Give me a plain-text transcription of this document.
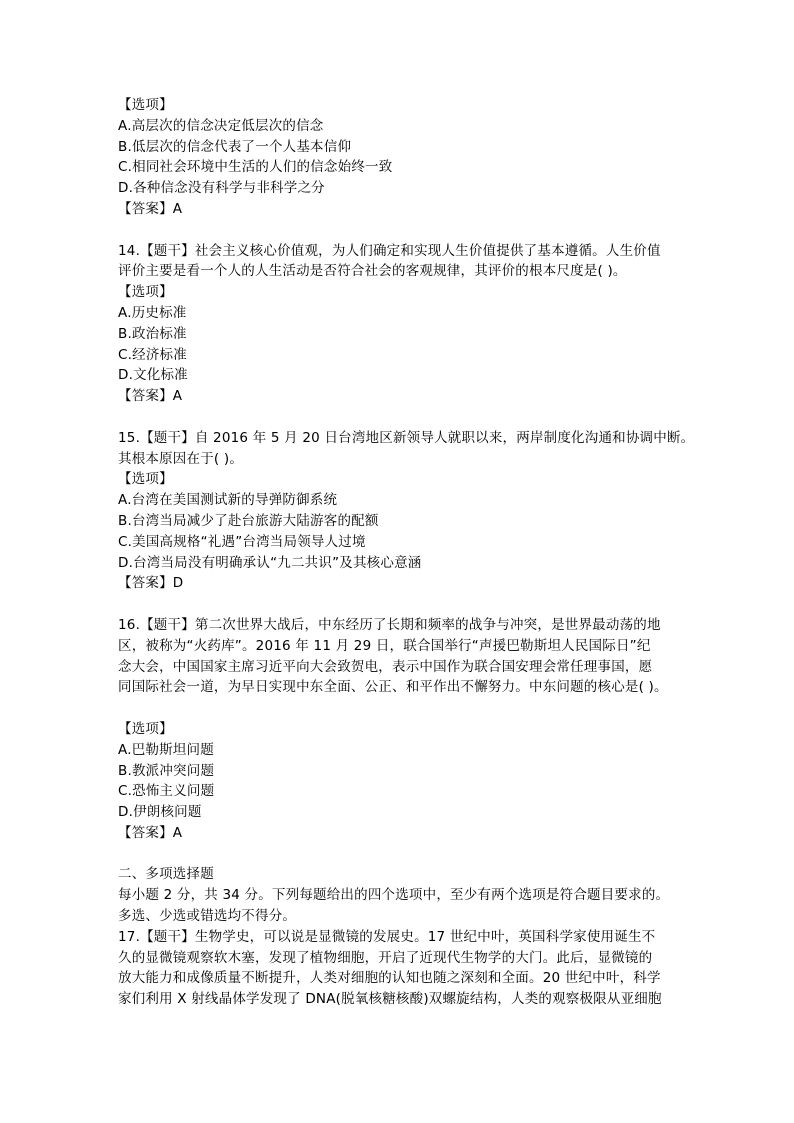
【选项】
A.高层次的信念决定低层次的信念
B.低层次的信念代表了一个人基本信仰
C.相同社会环境中生活的人们的信念始终一致
D.各种信念没有科学与非科学之分
【答案】A
14.【题干】社会主义核心价值观，为人们确定和实现人生价值提供了基本遵循。人生价值
评价主要是看一个人的人生活动是否符合社会的客观规律，其评价的根本尺度是( )。
【选项】
A.历史标准
B.政治标准
C.经济标准
D.文化标准
【答案】A
15.【题干】自 2016 年 5 月 20 日台湾地区新领导人就职以来，两岸制度化沟通和协调中断。
其根本原因在于( )。
【选项】
A.台湾在美国测试新的导弹防御系统
B.台湾当局减少了赴台旅游大陆游客的配额
C.美国高规格“礼遇”台湾当局领导人过境
D.台湾当局没有明确承认“九二共识”及其核心意涵
【答案】D
16.【题干】第二次世界大战后，中东经历了长期和频率的战争与冲突，是世界最动荡的地
区，被称为“火药库”。2016 年 11 月 29 日，联合国举行“声援巴勒斯坦人民国际日”纪
念大会，中国国家主席习近平向大会致贺电，表示中国作为联合国安理会常任理事国，愿
同国际社会一道，为早日实现中东全面、公正、和平作出不懈努力。中东问题的核心是( )。
【选项】
A.巴勒斯坦问题
B.教派冲突问题
C.恐怖主义问题
D.伊朗核问题
【答案】A
二、多项选择题
每小题 2 分，共 34 分。下列每题给出的四个选项中，至少有两个选项是符合题目要求的。
多选、少选或错选均不得分。
17.【题干】生物学史，可以说是显微镜的发展史。17 世纪中叶，英国科学家使用诞生不
久的显微镜观察软木塞，发现了植物细胞，开启了近现代生物学的大门。此后，显微镜的
放大能力和成像质量不断提升，人类对细胞的认知也随之深刻和全面。20 世纪中叶，科学
家们利用 X 射线晶体学发现了 DNA(脱氧核糖核酸)双螺旋结构，人类的观察极限从亚细胞
